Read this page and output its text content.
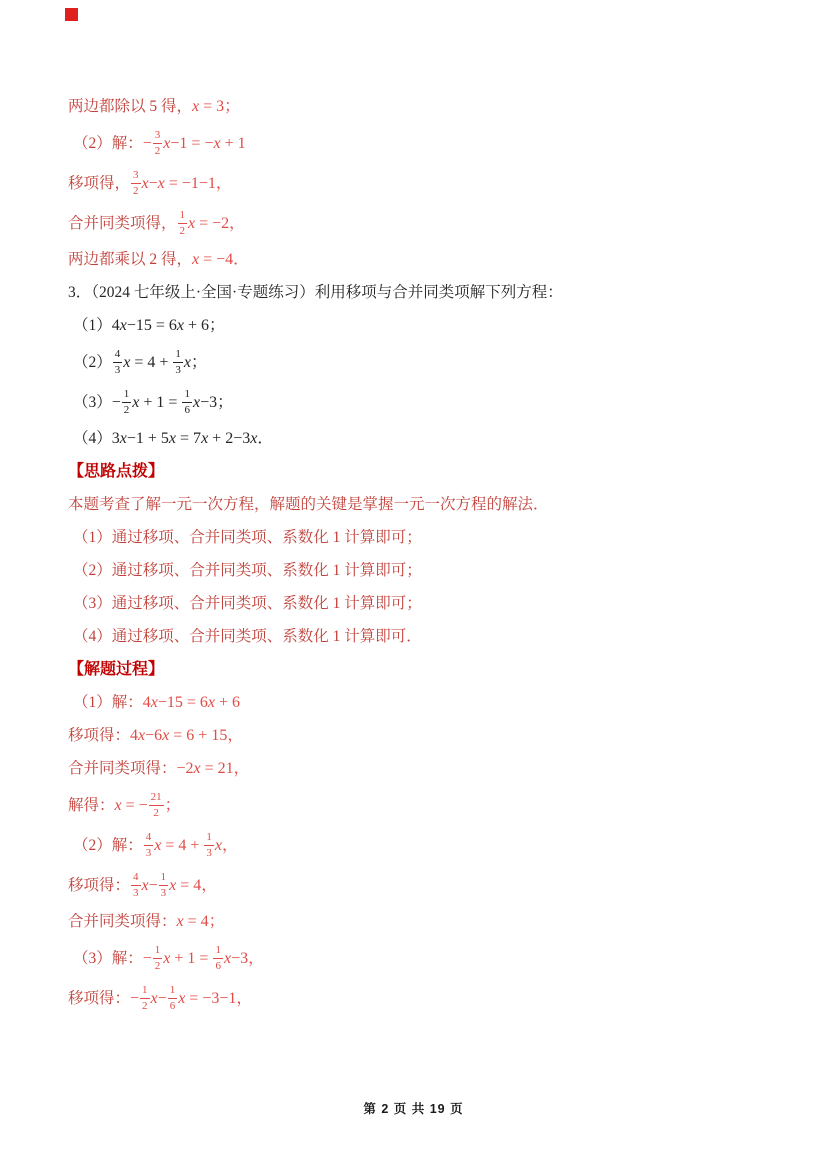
两边都除以 5 得，x = 3；

（2）解：− $\frac{3}{2} x-1 = -x + 1$

移项得， $\frac{3}{2} x-x = -1-1$，

合并同类项得， $\frac{1}{2}$ x = −2，

两边都乘以 2 得，x = −4．

3．（2024 七年级上·全国·专题练习）利用移项与合并同类项解下列方程：

（1）4x−15 = 6x + 6；

$(2) \frac{4}{3}$ $x = 4 + \frac{1}{3}$ x；

$(3)- \frac{1}{2}$ $x + 1 = \frac{1}{6} x-3$；

（4）3x−1 + 5x = 7x + 2−3x．

【思路点拨】

本题考查了解一元一次方程，解题的关键是掌握一元一次方程的解法．

（1）通过移项、合并同类项、系数化 1 计算即可；

（2）通过移项、合并同类项、系数化 1 计算即可；

（3）通过移项、合并同类项、系数化 1 计算即可；

（4）通过移项、合并同类项、系数化 1 计算即可．

【解题过程】

（1）解：4x−15 = 6x + 6

移项得：4x−6x = 6 + 15，

合并同类项得：−2x = 21，

解得：x = − $\frac{21}{2}$ ；

（2）解： $\frac{4}{3}$ $x = 4 + \frac{1}{3}$ x，

移项得： $\frac{4}{3} x- \frac{1}{3}$ x = 4，

合并同类项得：x = 4；

（3）解：− $\frac{1}{2}$ $x + 1 = \frac{1}{6} x-3$，

移项得：− $\frac{1}{2} x- \frac{1}{6}$ x = −3−1，

第 2 页 共 19 页
